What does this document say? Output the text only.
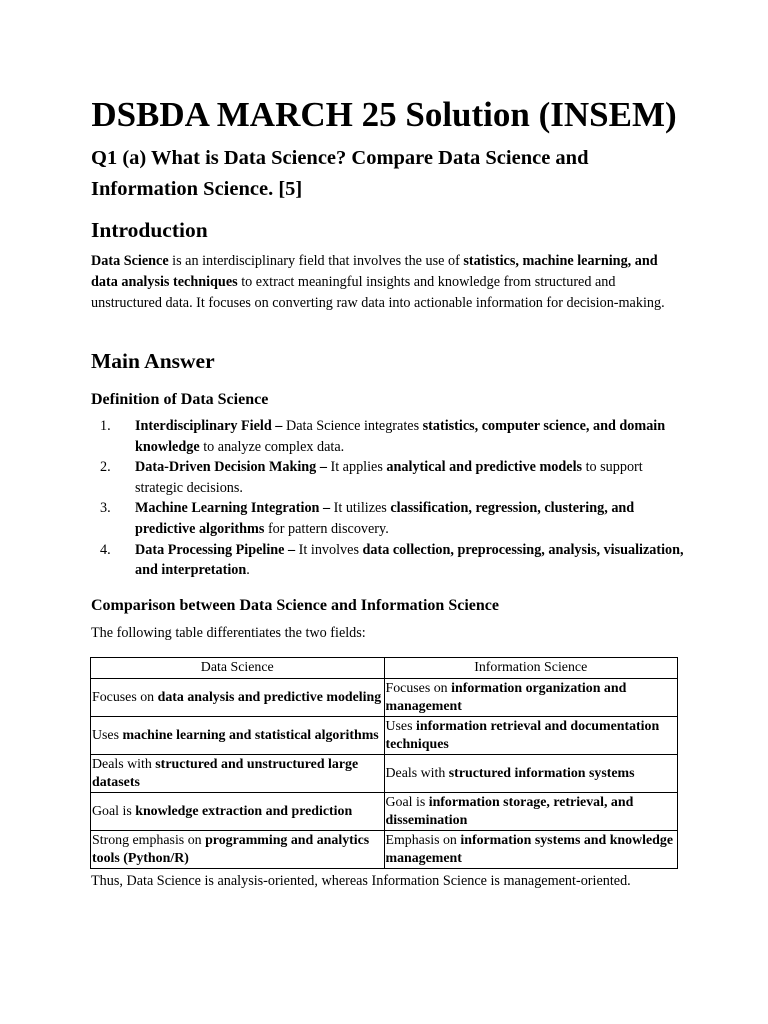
DSBDA MARCH 25 Solution (INSEM)

Q1 (a) What is Data Science? Compare Data Science and Information Science. [5]

Introduction

Data Science is an interdisciplinary field that involves the use of statistics, machine learning, and data analysis techniques to extract meaningful insights and knowledge from structured and unstructured data. It focuses on converting raw data into actionable information for decision-making.

Main Answer
Definition of Data Science
1. Interdisciplinary Field – Data Science integrates statistics, computer science, and domain knowledge to analyze complex data.
2. Data-Driven Decision Making – It applies analytical and predictive models to support strategic decisions.
3. Machine Learning Integration – It utilizes classification, regression, clustering, and predictive algorithms for pattern discovery.
4. Data Processing Pipeline – It involves data collection, preprocessing, analysis, visualization, and interpretation.
Comparison between Data Science and Information Science

The following table differentiates the two fields:

Data Science	Information Science
Focuses on data analysis and predictive modeling	Focuses on information organization and management
Uses machine learning and statistical algorithms	Uses information retrieval and documentation techniques
Deals with structured and unstructured large datasets	Deals with structured information systems
Goal is knowledge extraction and prediction	Goal is information storage, retrieval, and dissemination
Strong emphasis on programming and analytics tools (Python/R)	Emphasis on information systems and knowledge management

Thus, Data Science is analysis-oriented, whereas Information Science is management-oriented.
